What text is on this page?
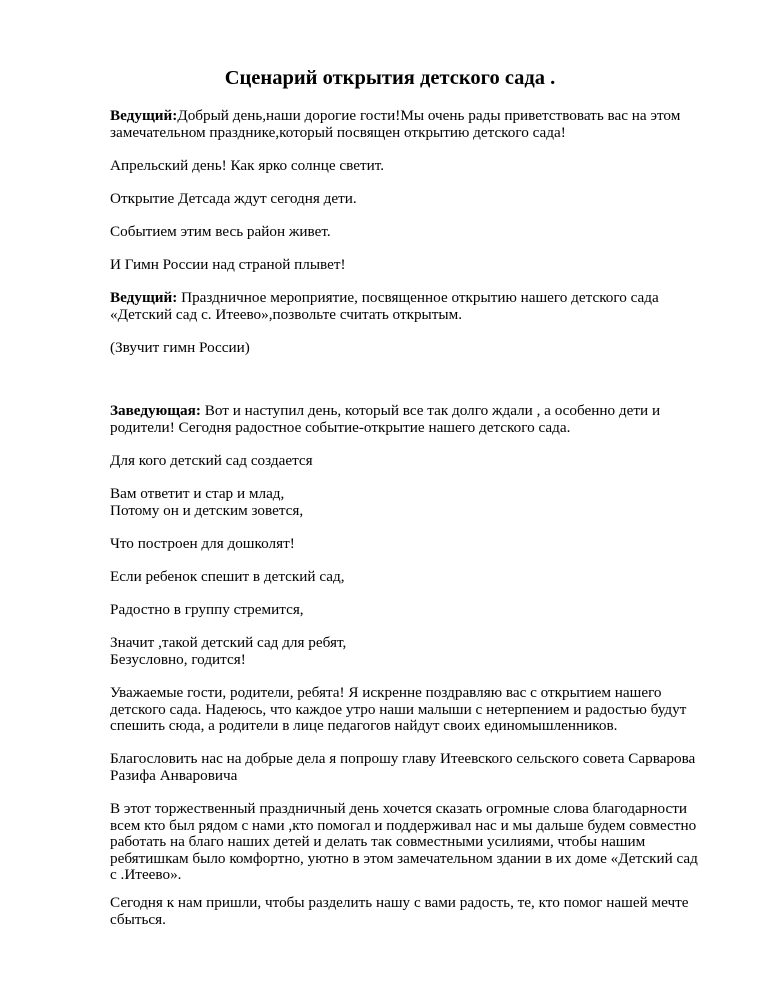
Сценарий открытия детского сада .

Ведущий:Добрый день,наши дорогие гости!Мы очень рады приветствовать вас на этом
замечательном празднике,который посвящен открытию детского сада!

Апрельский день! Как ярко солнце светит.

Открытие Детсада ждут сегодня дети.

Событием этим весь район живет.

И Гимн России над страной плывет!

Ведущий: Праздничное мероприятие, посвященное открытию нашего детского сада
«Детский сад с. Итеево»,позвольте считать открытым.

(Звучит гимн России)

Заведующая: Вот и наступил день, который все так долго ждали , а особенно дети и
родители! Сегодня радостное событие-открытие нашего детского сада.

Для кого детский сад создается

Вам ответит и стар и млад,
Потому он и детским зовется,

Что построен для дошколят!

Если ребенок спешит в детский сад,

Радостно в группу стремится,

Значит ,такой детский сад для ребят,
Безусловно, годится!

Уважаемые гости, родители, ребята! Я искренне поздравляю вас с открытием нашего
детского сада. Надеюсь, что каждое утро наши малыши с нетерпением и радостью будут
спешить сюда, а родители в лице педагогов найдут своих единомышленников.

Благословить нас на добрые дела я попрошу главу Итеевского сельского совета Сарварова
Разифа Анваровича

В этот торжественный праздничный день хочется сказать огромные слова благодарности
всем кто был рядом с нами ,кто помогал и поддерживал нас и мы дальше будем совместно
работать на благо наших детей и делать так совместными усилиями, чтобы нашим
ребятишкам было комфортно, уютно в этом замечательном здании в их доме «Детский сад
с .Итеево».

Сегодня к нам пришли, чтобы разделить нашу с вами радость, те, кто помог нашей мечте
сбыться.
